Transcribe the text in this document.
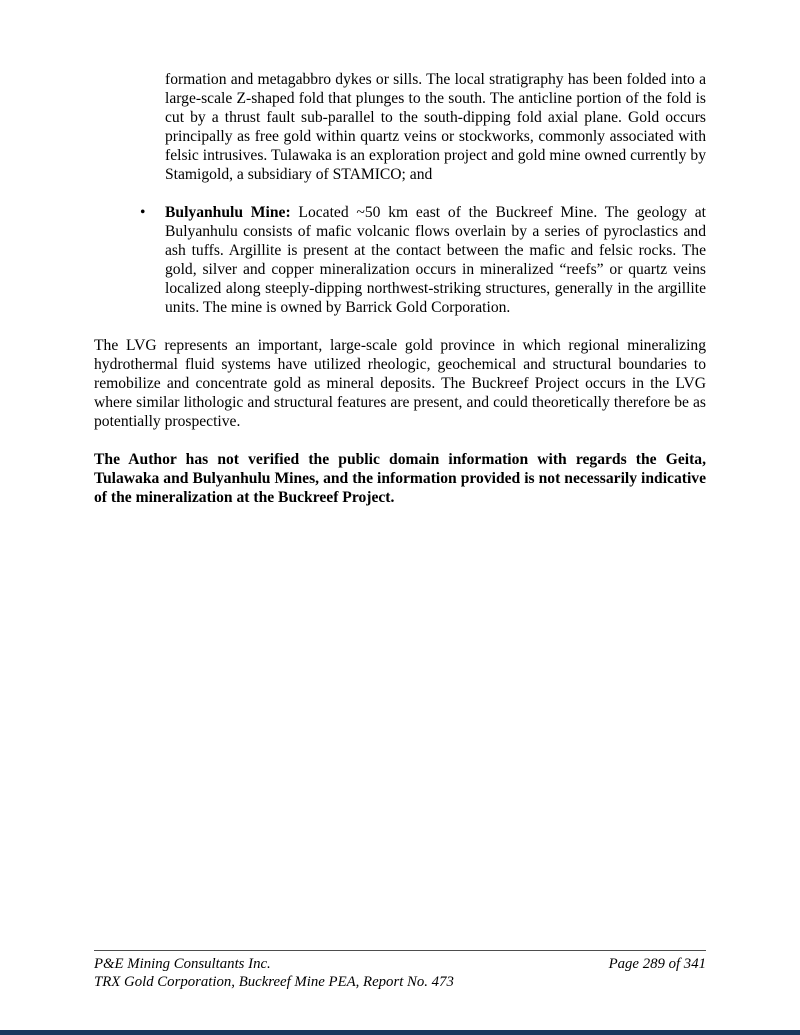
formation and metagabbro dykes or sills. The local stratigraphy has been folded into a large-scale Z-shaped fold that plunges to the south. The anticline portion of the fold is cut by a thrust fault sub-parallel to the south-dipping fold axial plane. Gold occurs principally as free gold within quartz veins or stockworks, commonly associated with felsic intrusives. Tulawaka is an exploration project and gold mine owned currently by Stamigold, a subsidiary of STAMICO; and

•	Bulyanhulu Mine: Located ~50 km east of the Buckreef Mine. The geology at Bulyanhulu consists of mafic volcanic flows overlain by a series of pyroclastics and ash tuffs. Argillite is present at the contact between the mafic and felsic rocks. The gold, silver and copper mineralization occurs in mineralized “reefs” or quartz veins localized along steeply-dipping northwest-striking structures, generally in the argillite units. The mine is owned by Barrick Gold Corporation.

The LVG represents an important, large-scale gold province in which regional mineralizing hydrothermal fluid systems have utilized rheologic, geochemical and structural boundaries to remobilize and concentrate gold as mineral deposits. The Buckreef Project occurs in the LVG where similar lithologic and structural features are present, and could theoretically therefore be as potentially prospective.

The Author has not verified the public domain information with regards the Geita, Tulawaka and Bulyanhulu Mines, and the information provided is not necessarily indicative of the mineralization at the Buckreef Project.

P&E Mining Consultants Inc.
TRX Gold Corporation, Buckreef Mine PEA, Report No. 473
Page 289 of 341
